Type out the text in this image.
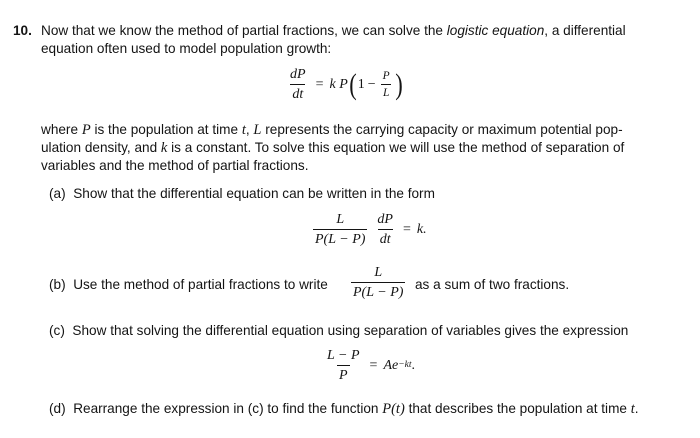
10. Now that we know the method of partial fractions, we can solve the logistic equation, a differential
equation often used to model population growth:
$\frac{dP}{dt} = k$
P ( $1 - \frac{P}{L}$ )
where P is the population at time t, L represents the carrying capacity or maximum potential pop-
ulation density, and k is a constant. To solve this equation we will use the method of separation of
variables and the method of partial fractions.
(a) Show that the differential equation can be written in the form
$\frac{L}{P(L - P)} \frac{dP}{dt} = k$.
(b) Use the method of partial fractions to write $\frac{L}{P(L - P)}$ as a sum of two fractions.
(c) Show that solving the differential equation using separation of variables gives the expression
$\frac{L - P}{P} = Ae -kt$ .
(d) Rearrange the expression in (c) to find the function P(t) that describes the population at time t.
